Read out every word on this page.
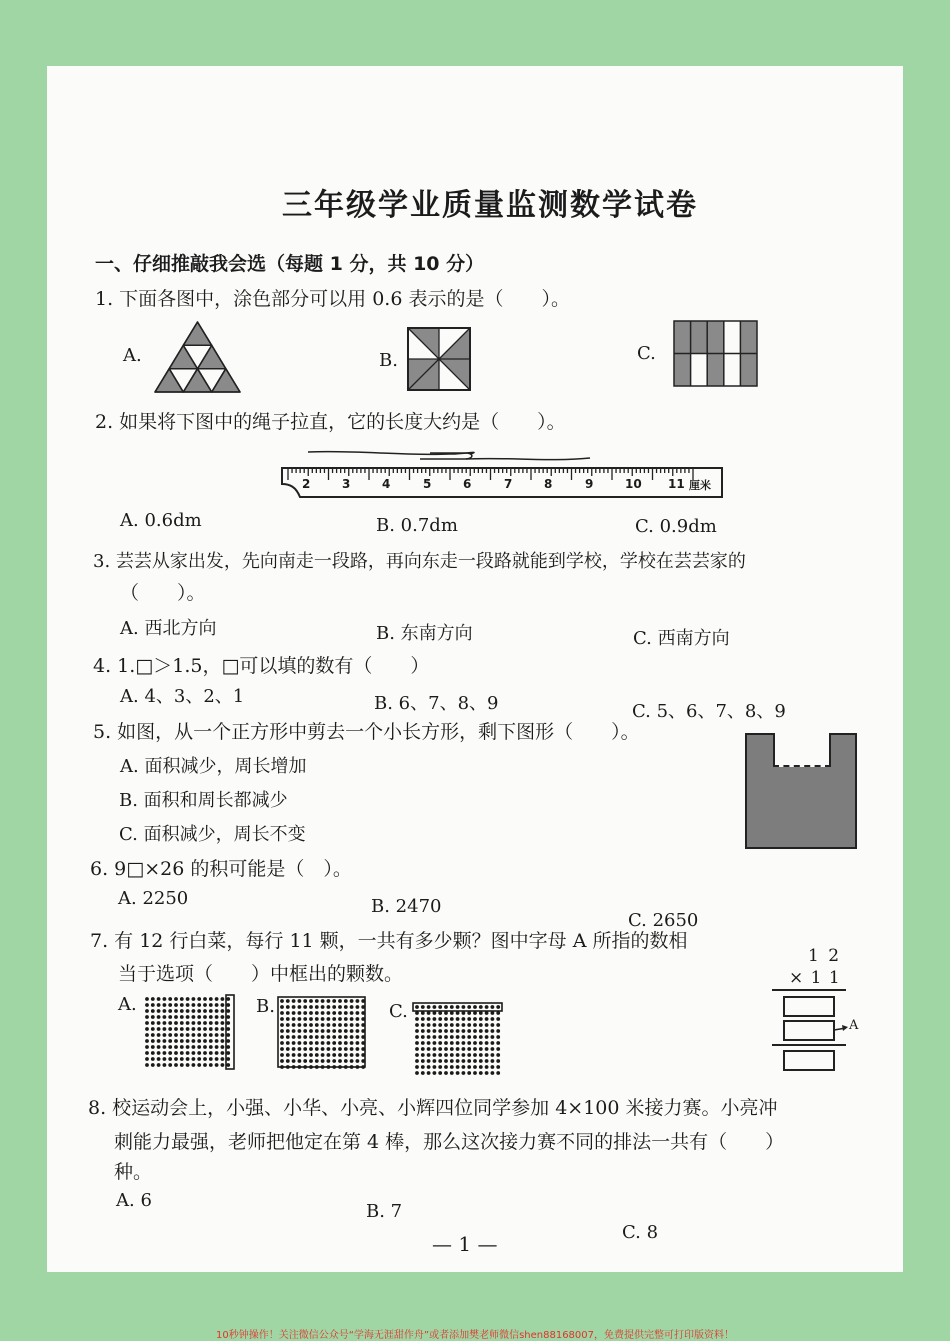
三年级学业质量监测数学试卷
一、仔细推敲我会选（每题 1 分，共 10 分）
1. 下面各图中，涂色部分可以用 0.6 表示的是（　　）。
A.	B.	C.
2. 如果将下图中的绳子拉直，它的长度大约是（　　）。
2	3	4	5	6	7	8	9	10 11 厘米
A. 0.6dm	B. 0.7dm	C. 0.9dm
3. 芸芸从家出发，先向南走一段路，再向东走一段路就能到学校，学校在芸芸家的
（　　）。
A. 西北方向	B. 东南方向	C. 西南方向
4. 1.□＞1.5，□可以填的数有（　　）
A. 4、3、2、1	B. 6、7、8、9	C. 5、6、7、8、9
5. 如图，从一个正方形中剪去一个小长方形，剩下图形（　　）。
A. 面积减少，周长增加
B. 面积和周长都减少
C. 面积减少，周长不变
6. 9□×26 的积可能是（　）。
A. 2250	B. 2470
C. 2650
7. 有 12 行白菜，每行 11 颗，一共有多少颗？图中字母 A 所指的数相
当于选项（　　）中框出的颗数。
A.	B.	C.
1 2
× 1 1
A
8. 校运动会上，小强、小华、小亮、小辉四位同学参加 4×100 米接力赛。小亮冲
刺能力最强，老师把他定在第 4 棒，那么这次接力赛不同的排法一共有（　　）
种。
A. 6
B. 7
C. 8
— 1 —
10秒钟操作！关注微信公众号“学海无涯甜作舟”或者添加樊老师微信shen88168007，免费提供完整可打印版资料！
